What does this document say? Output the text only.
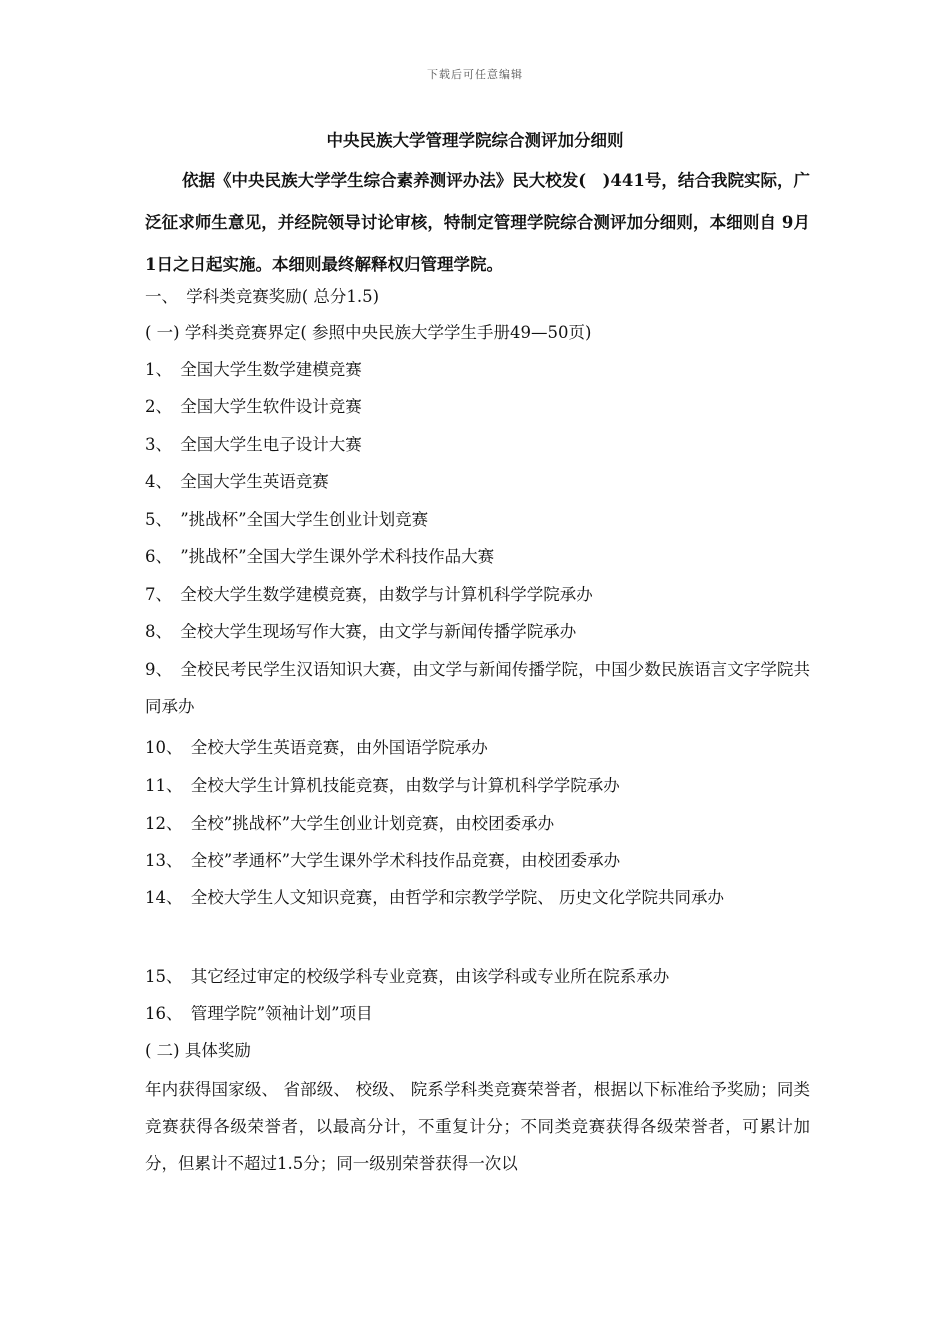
下载后可任意编辑
中央民族大学管理学院综合测评加分细则

依据《中央民族大学学生综合素养测评办法》民大校发(　)441号，结合我院实际，广泛征求师生意见，并经院领导讨论审核，特制定管理学院综合测评加分细则，本细则自 9月1日之日起实施。本细则最终解释权归管理学院。

一、　学科类竞赛奖励( 总分1.5)
( 一) 学科类竞赛界定( 参照中央民族大学学生手册49—50页)
1、　全国大学生数学建模竞赛
2、　全国大学生软件设计竞赛
3、　全国大学生电子设计大赛
4、　全国大学生英语竞赛
5、　”挑战杯”全国大学生创业计划竞赛
6、　”挑战杯”全国大学生课外学术科技作品大赛
7、　全校大学生数学建模竞赛，由数学与计算机科学学院承办
8、　全校大学生现场写作大赛，由文学与新闻传播学院承办

9、　全校民考民学生汉语知识大赛，由文学与新闻传播学院，中国少数民族语言文字学院共同承办

10、　全校大学生英语竞赛，由外国语学院承办
11、　全校大学生计算机技能竞赛，由数学与计算机科学学院承办
12、　全校”挑战杯”大学生创业计划竞赛，由校团委承办
13、　全校”孝通杯”大学生课外学术科技作品竞赛，由校团委承办

14、　全校大学生人文知识竞赛，由哲学和宗教学学院、 历史文化学院共同承办

15、　其它经过审定的校级学科专业竞赛，由该学科或专业所在院系承办
16、　管理学院”领袖计划”项目
( 二) 具体奖励

年内获得国家级、 省部级、 校级、 院系学科类竞赛荣誉者，根据以下标准给予奖励；同类竞赛获得各级荣誉者，以最高分计，不重复计分；不同类竞赛获得各级荣誉者，可累计加分，但累计不超过1.5分；同一级别荣誉获得一次以
